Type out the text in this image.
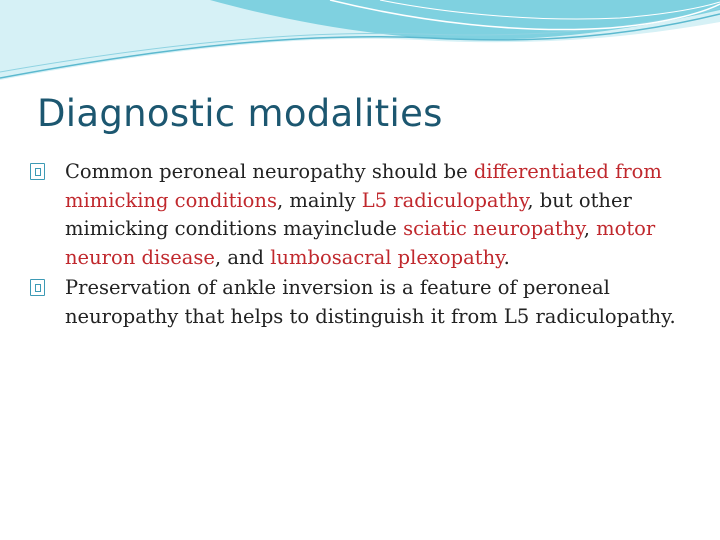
Diagnostic modalities

Common peroneal neuropathy should be differentiated from mimicking conditions, mainly L5 radiculopathy, but other mimicking conditions mayinclude sciatic neuropathy, motor neuron disease, and lumbosacral plexopathy.

Preservation of ankle inversion is a feature of peroneal neuropathy that helps to distinguish it from L5 radiculopathy.
